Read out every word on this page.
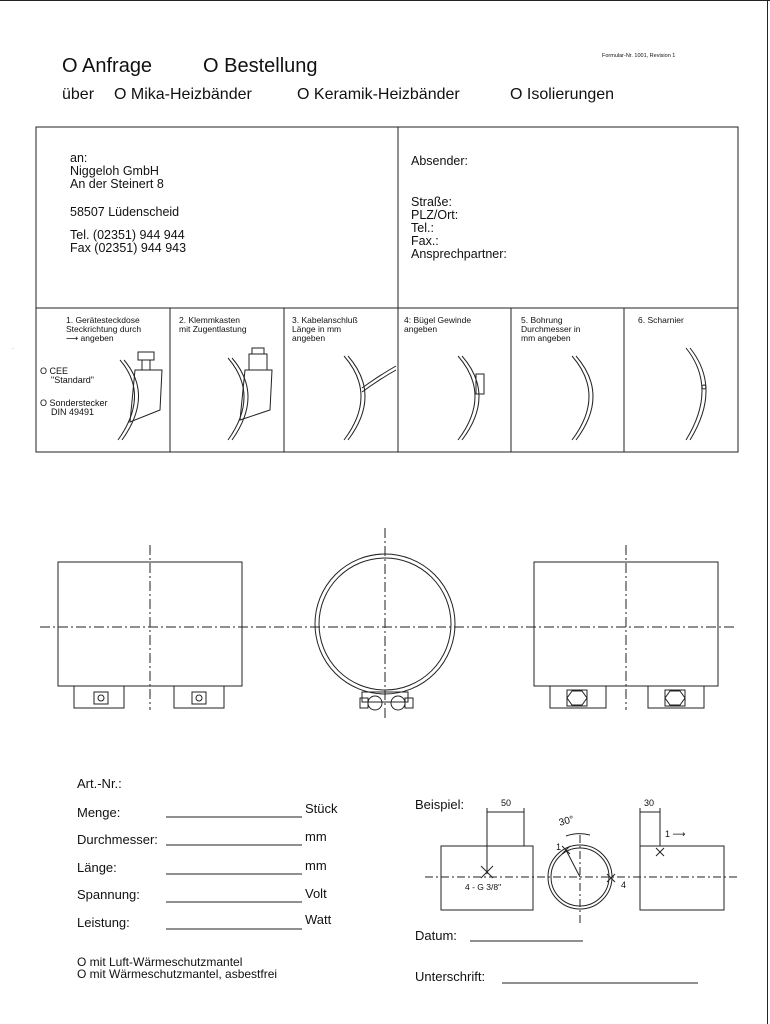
Formular-Nr. 1001, Revision 1
O Anfrage	O Bestellung
über O Mika-Heizbänder	O Keramik-Heizbänder	O Isolierungen
an:
Niggeloh GmbH
An der Steinert 8
58507 Lüdenscheid
Tel. (02351) 944 944
Fax (02351) 944 943
Absender:
Straße:
PLZ/Ort:
Tel.:
Fax.:
Ansprechpartner:
1. Gerätesteckdose
Steckrichtung durch
⟶ angeben
2. Klemmkasten
mit Zugentlastung
3. Kabelanschluß
Länge in mm
angeben
4: Bügel Gewinde
angeben
5. Bohrung
Durchmesser in
mm angeben
6. Scharnier
O CEE
"Standard"
O Sonderstecker
DIN 49491
·
Art.-Nr.:
Menge:	Stück
Durchmesser:	mm
Länge:	mm
Spannung:	Volt
Leistung:	Watt
O mit Luft-Wärmeschutzmantel
O mit Wärmeschutzmantel, asbestfrei
Beispiel:	50	30
30°
1
1 ⟶
4
4 - G 3/8"
Datum:
Unterschrift:
